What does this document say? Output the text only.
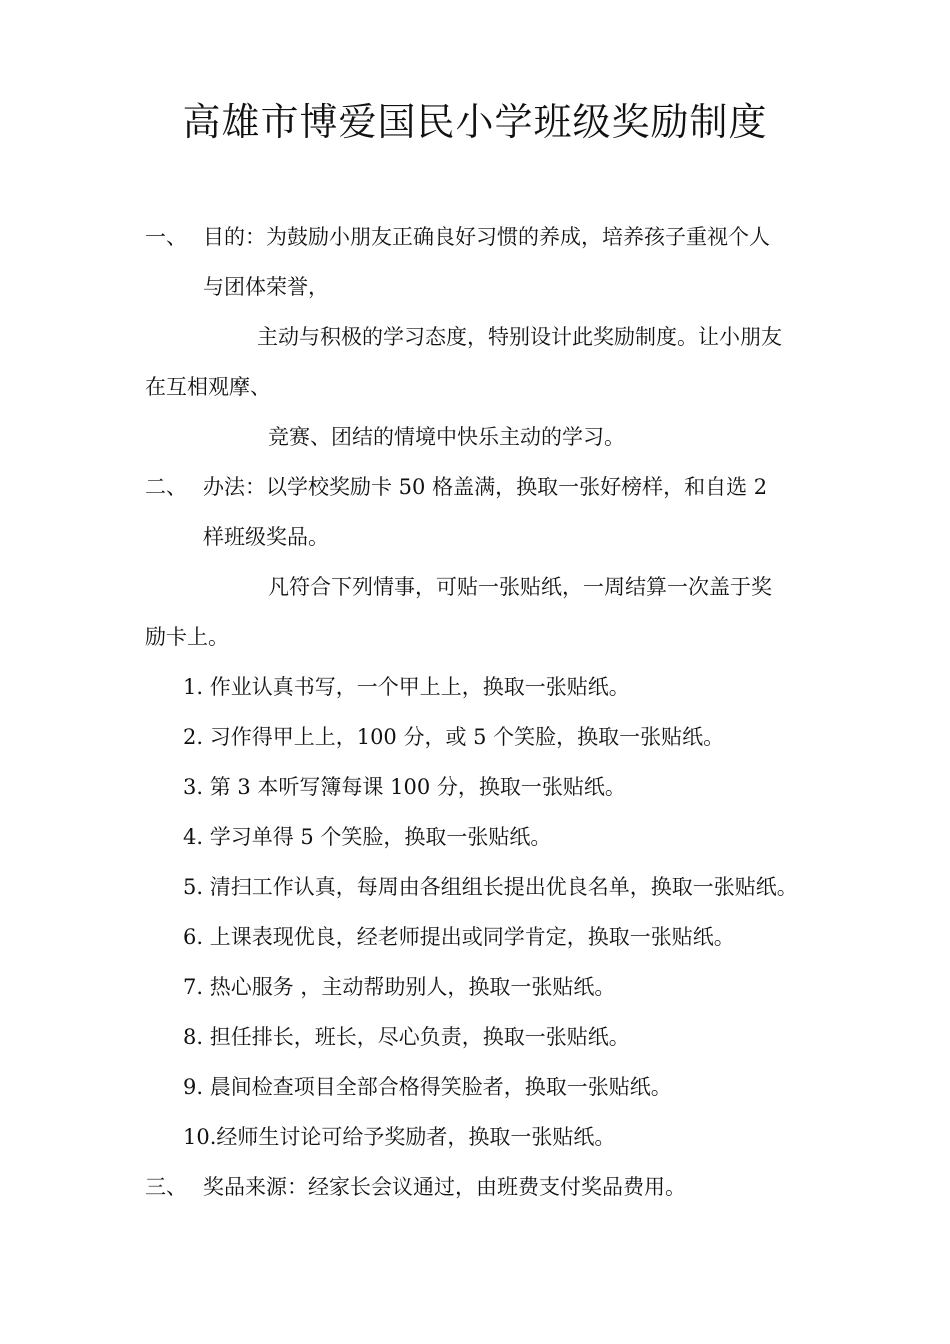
高雄市博爱国民小学班级奖励制度
一、 目的：为鼓励小朋友正确良好习惯的养成，培养孩子重视个人
与团体荣誉，
主动与积极的学习态度，特别设计此奖励制度。让小朋友
在互相观摩、
竞赛、团结的情境中快乐主动的学习。
二、 办法：以学校奖励卡 50 格盖满，换取一张好榜样，和自选 2
样班级奖品。
凡符合下列情事，可贴一张贴纸，一周结算一次盖于奖
励卡上。
1. 作业认真书写，一个甲上上，换取一张贴纸。
2. 习作得甲上上，100 分，或 5 个笑脸，换取一张贴纸。
3. 第 3 本听写簿每课 100 分，换取一张贴纸。
4. 学习单得 5 个笑脸，换取一张贴纸。
5. 清扫工作认真，每周由各组组长提出优良名单，换取一张贴纸。
6. 上课表现优良，经老师提出或同学肯定，换取一张贴纸。
7. 热心服务 ，主动帮助别人，换取一张贴纸。
8. 担任排长，班长，尽心负责，换取一张贴纸。
9. 晨间检查项目全部合格得笑脸者，换取一张贴纸。
10.经师生讨论可给予奖励者，换取一张贴纸。
三、 奖品来源：经家长会议通过，由班费支付奖品费用。
